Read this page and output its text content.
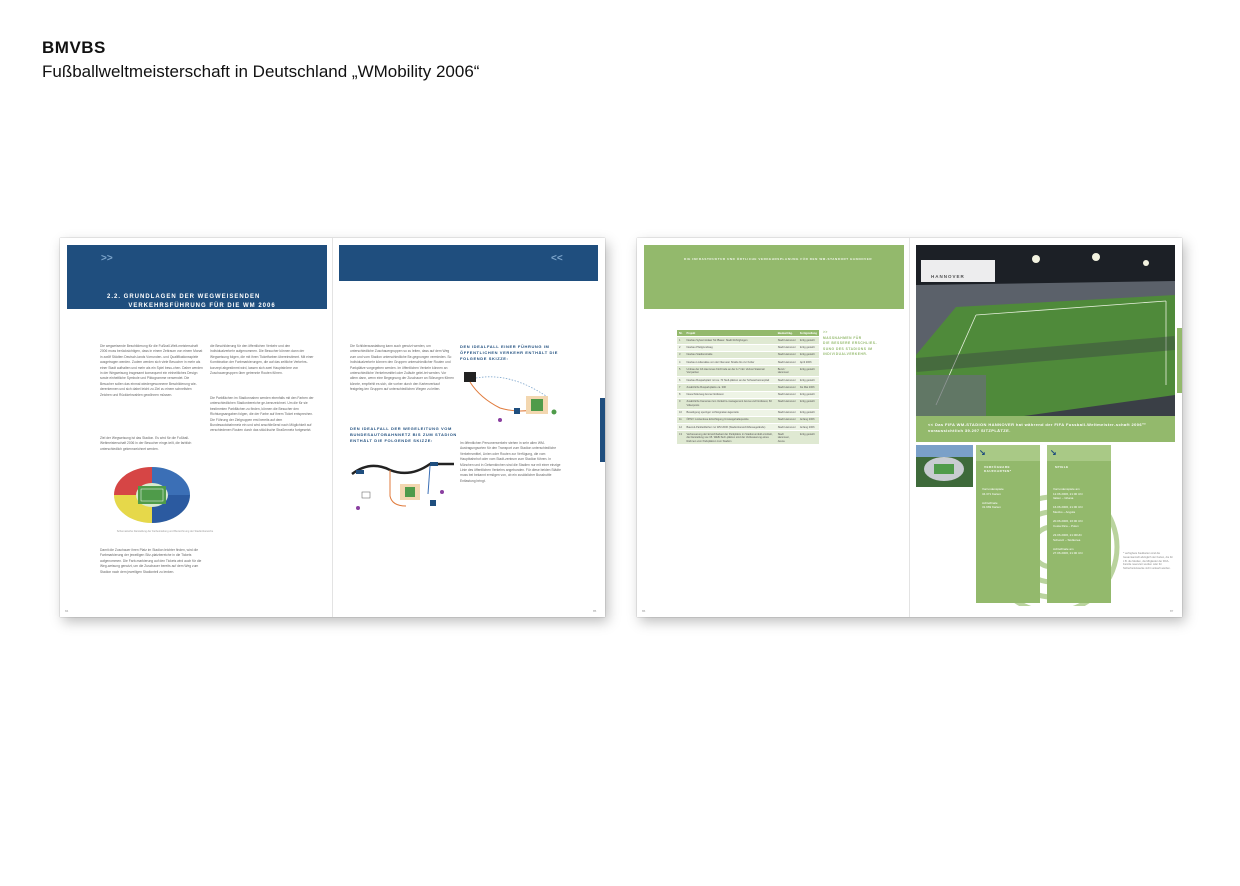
BMVBS
Fußballweltmeisterschaft in Deutschland „WMobility 2006“
>>
2.2. GRUNDLAGEN DER WEGWEISENDEN
VERKEHRSFÜHRUNG FÜR DIE WM 2006
<<
Die wegweisende Beschilderung für die Fußball-Welt-meisterschaft 2006 muss berücksichtigen, dass in einem Zeitraum von einem Monat in zwölf Städten Deutsch-lands Vorrunden- und Qualifikationsspiele ausgetragen werden. Zudem werden sich viele Besucher in mehr als einer Stadt aufhalten und mehr als ein Spiel besu-chen. Daher werden in der Wegweisung insgesamt konsequent ein einheitliches Design sowie einheitliche Symbole und Piktogramme verwendet. Die Besucher sollen das einmal wiedergewonnene Beschilderung wie-dererkennen und sich dabei leicht zu Ziel zu einem schnellsten Zeichen und Rückkehrzahlen gewöhnen müssen.
Ziel der Wegweisung ist das Stadion. Es wird für die Fußball-Weltmeisterschaft 2006 in der Besucher einge-teilt, die farblich unterschiedlich gekennzeichnet werden.
Schematische Darstellung der Farbeinteilung und Bezeichnung der Stadionbereiche
Damit die Zuschauer ihren Platz im Stadion leichter finden, wird die Farbmarkierung der jeweiligen Sitz-platzbereiche in die Tickets aufgenommen. Die Farb-markierung auf den Tickets wird auch für die Weg-weisung genutzt, um die Zuschauer bereits auf dem Weg zum Stadion nach dem jeweiligen Stadionteil zu lenken.
die Beschilderung für den öffentlichen Verkehr und den Individualverkehr aufgenommen. Die Besucher können dann der Wegweisung folgen, die mit ihren Ticketfarben übereinstimmt. Mit einer Kombination der Farbmarkierungen, die auf das zeitliche Verkehrs-konzept abgestimmt wird, lassen sich zwei Hauptströme von Zuschauergruppen über getrennte Routen führen.
Die Parkflächen im Stadionnahen werden ebenfalls mit den Farben der unterschiedlichen Stadionbereiche ge-kennzeichnet. Um die für sie bestimmten Parkflächen zu finden, können die Besucher den Richtungsangaben folgen, die der Farbe auf ihrem Ticket entsprechen. Die Führung der Zielgruppen erst bereits auf dem Bundesautobahnnetz ein und wird anschließend nach Möglichkeit auf verschiedenen Routen durch das städ-tische Straßennetz fortgesetzt.
Die Schilderausstattung kann auch genutzt werden, um unterschiedliche Zuschauergruppen so zu leiten, dass auf dem Weg zum und vom Stadion unterschiedliche Be-gegnungen vermieden. So Individualverkehr können den Gruppen unterschiedlicher Routen und Parkplätze vorgegeben werden. Im öffentlichen Verkehr können an unterschiedliche Verkehrsmittel oder Zuläufe gelei-tet werden. Vor allem dann, wenn eine Begegnung der Zuschauer an Störungen führen könnte, empfiehlt es sich, die vorher durch den Kartenverkauf festgeleg-ten Gruppen auf unterschiedlichen Wegen zu leiten.
DEN IDEALFALL DER WEGELEITUNG VOM
BUNDESAUTOBAHNNETZ BIS ZUM STADION
ENTHÄLT DIE FOLGENDE SKIZZE:
DEN IDEALFALL EINER FÜHRUNG IM
ÖFFENTLICHEN VERKEHR ENTHÄLT DIE
FOLGENDE SKIZZE:
Im öffentlichen Personenverkehr stehen in sehr allen WM-Austragungsorten für den Transport zum Stadion unterschiedliche Verkehrsmittel, Linien oder Routen zur Verfügung, die vom Hauptbahnhof oder vom Stadt-zentrum zum Stadion führen. In München und in Gelsenkirchen sind die Stadien nur mit einer einzige Linie des öffentlichen Verkehrs angebunden. Für diese beiden Städte muss bei bekannt ermögen von, ob ein zusätzlicher Busshuttle Entlastung bringt.
84	85
DIE INFRASTRUKTUR UND ÖRTLICHE VERKEHRSPLANUNG FÜR DEN WM-STANDORT HANNOVER
Nr.	Projekt	Baulastträg.	Fertigstellung
1	Neubau Sylvermüdaer Str./Bauer. Stadt Rohrigbogen	Stadt Hannover	fertig gestellt
2	Neubau Pfeilgrundweg	Stadt Hannover	fertig gestellt
3	Neubau Stadionstraße	Stadt Hannover	fertig gestellt
4	Neubau Lindenallee von der Niemeier Straße bis zur Kolter	Stadt Hannover	April 2006
5	Umbau der AS Hannover-Kirchrode an der A 7 inkl. Verlust Stationär Vorrpatzen	Bund / Hannover	fertig gestellt
6	Neubau Busparkplatz mit ca. 70 Stell-plätzen an der Schwanheimerpfad	Stadt Hannover	fertig gestellt
7	Zusätzliche Busparkplatze ca. 300	Stadt Hannover	bis Mai 2006
8	Neuschülerweg Arena Nordwest	Stadt Hannover	fertig gestellt
9	Zusätzliche Kameras zum Verkehrs-management Arena und Nordwest, 60 Videoposts	Stadt Hannover	fertig gestellt
10	Beseitigung sperriger Lichtsignalan-lagenteile	Stadt Hannover	fertig gestellt
11	ÖPNV: Lückenlose Ertüchtigung Umsteigehaltepunkte	Stadt Hannover	Anfang 2006
12	Bauzeit-Parkleitfächer zur WM 2006 (Stadionbereich/Messegelände)	Stadt Hannover	Anfang 2006
13	Verbesserung der Erreichbarkeit der Parkplätze im Stadionumfeld ermittelt, die Darstellung via z.B. WEB-Tech-plätzen sind der Verbesserung eines Rahmen vom Parkplätzen zum Stadion	Stadt Hannover, Arena	fertig gestellt
>>
MASSNAHMEN FÜR
DIE BESSERE ERSCHLIES-
SUNG DES STADIONS IM
INDIVIDUALVERKEHR.
HANNOVER
<< Das FIFA WM-STADION HANNOVER hat während der FIFA Fussball-Weltmeister-schaft 2006™ voraussichtlich 39.297 SITZPLÄTZE.
↘
VERFÜGBARE
KAUFKARTEN*
Vorrundenspiele
34.371 Karten

Achtelfinale
31.969 Karten
↘
SPIELE
Vorrundenspiele am
12.06.2006, 21:00 Uhr
Italien – Ghana

16.06.2006, 21:00 Uhr
Mexiko – Angola

20.06.2006, 16:00 Uhr
Costa Rica – Polen

23.06.2006, 21:00Uhr
Schweiz – Südkorea

Achtelfinale am
27.06.2006, 21:00 Uhr	* verfügbare Kaufkarten sind die Gesamtanzahl abzüglich der Karten, die für z.B. die Medien, die Mitglieder der FIFA-Familie reserviert wurden oder für Sicherheitszwecke nicht verkauft werden.
86	87
